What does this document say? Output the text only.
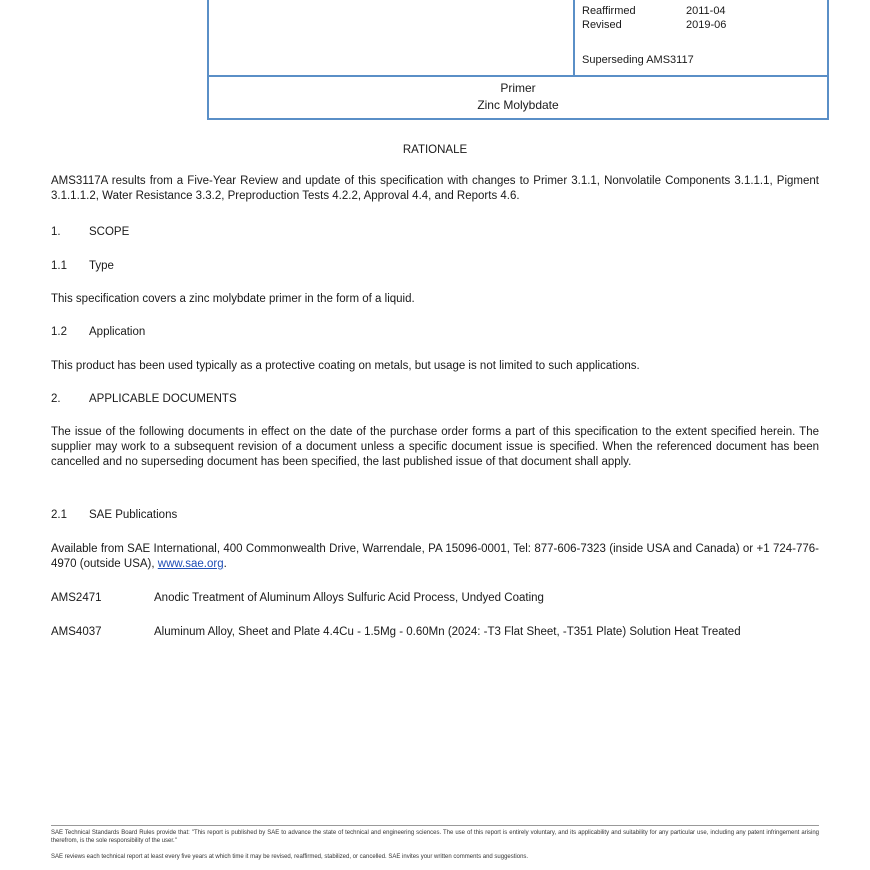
Reaffirmed	2011-04
Revised	2019-06
Superseding AMS3117
Primer
Zinc Molybdate
RATIONALE
AMS3117A results from a Five-Year Review and update of this specification with changes to Primer 3.1.1, Nonvolatile Components 3.1.1.1, Pigment 3.1.1.1.2, Water Resistance 3.3.2, Preproduction Tests 4.2.2, Approval 4.4, and Reports 4.6.
1.	SCOPE
1.1	Type
This specification covers a zinc molybdate primer in the form of a liquid.
1.2	Application
This product has been used typically as a protective coating on metals, but usage is not limited to such applications.
2.	APPLICABLE DOCUMENTS
The issue of the following documents in effect on the date of the purchase order forms a part of this specification to the extent specified herein. The supplier may work to a subsequent revision of a document unless a specific document issue is specified. When the referenced document has been cancelled and no superseding document has been specified, the last published issue of that document shall apply.
2.1	SAE Publications
Available from SAE International, 400 Commonwealth Drive, Warrendale, PA 15096-0001, Tel: 877-606-7323 (inside USA and Canada) or +1 724-776-4970 (outside USA), www.sae.org.
AMS2471	Anodic Treatment of Aluminum Alloys Sulfuric Acid Process, Undyed Coating
AMS4037	Aluminum Alloy, Sheet and Plate 4.4Cu - 1.5Mg - 0.60Mn (2024: -T3 Flat Sheet, -T351 Plate) Solution Heat Treated
SAE Technical Standards Board Rules provide that: "This report is published by SAE to advance the state of technical and engineering sciences. The use of this report is entirely voluntary, and its applicability and suitability for any particular use, including any patent infringement arising therefrom, is the sole responsibility of the user."
SAE reviews each technical report at least every five years at which time it may be revised, reaffirmed, stabilized, or cancelled. SAE invites your written comments and suggestions.
